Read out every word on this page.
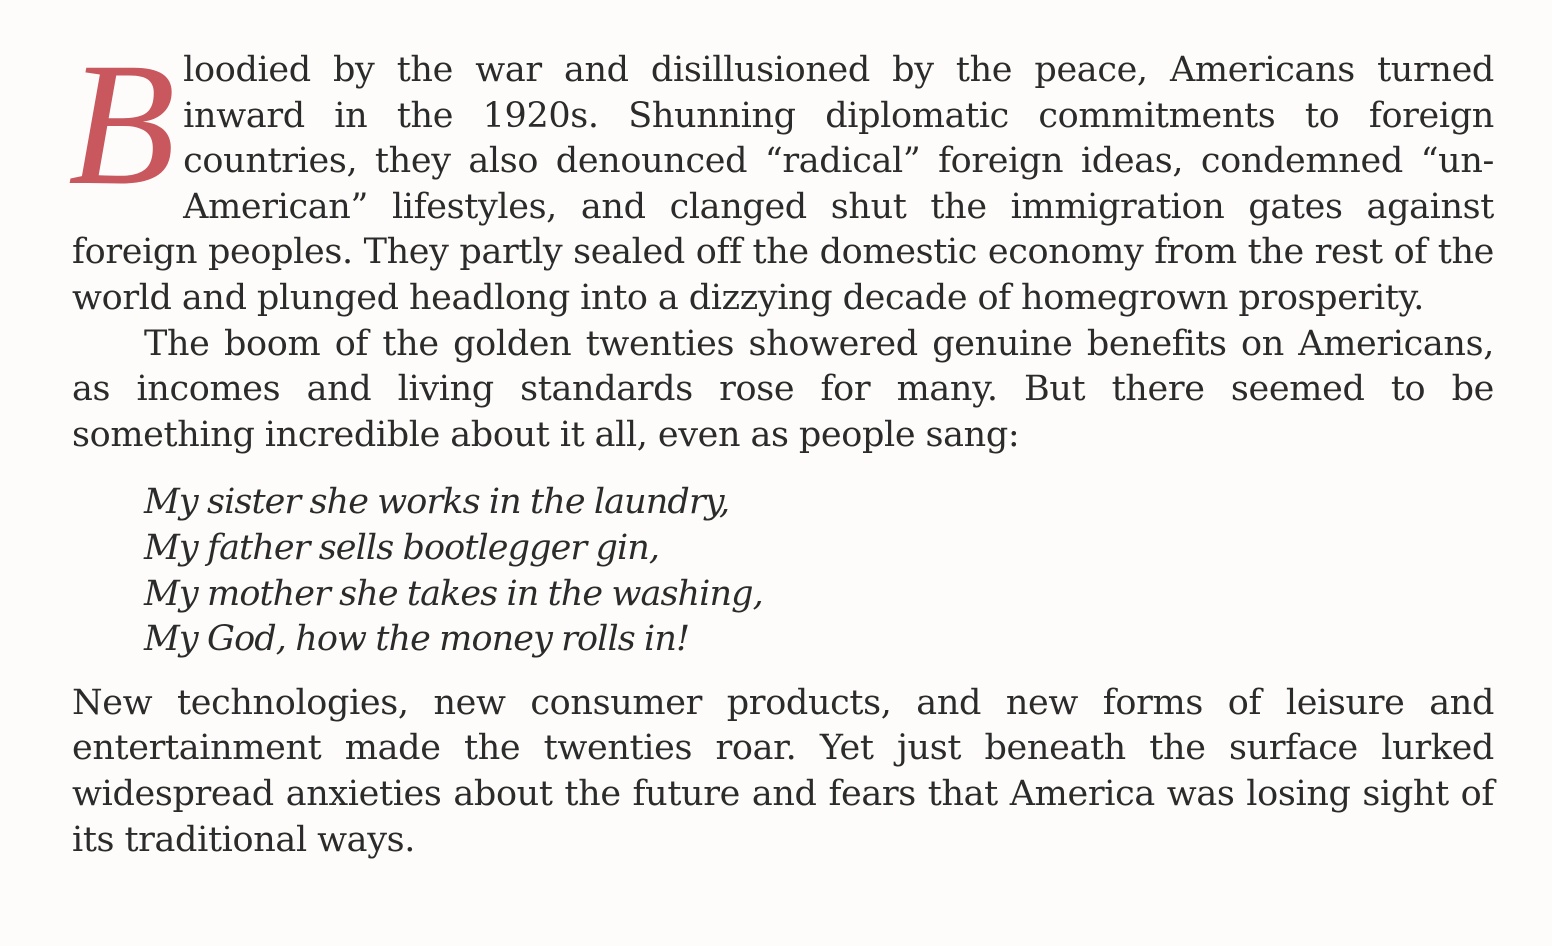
Bloodied by the war and disillusioned by the peace, Americans turned inward in the 1920s. Shunning diplomatic commitments to foreign countries, they also denounced “radical” foreign ideas, condemned “un-American” lifestyles, and clanged shut the immigration gates against foreign peoples. They partly sealed off the domestic economy from the rest of the world and plunged headlong into a dizzying decade of homegrown prosperity.

The boom of the golden twenties showered genuine benefits on Americans, as incomes and living standards rose for many. But there seemed to be something incredible about it all, even as people sang:

My sister she works in the laundry,
My father sells bootlegger gin,
My mother she takes in the washing,
My God, how the money rolls in!

New technologies, new consumer products, and new forms of leisure and entertainment made the twenties roar. Yet just beneath the surface lurked widespread anxieties about the future and fears that America was losing sight of its traditional ways.
